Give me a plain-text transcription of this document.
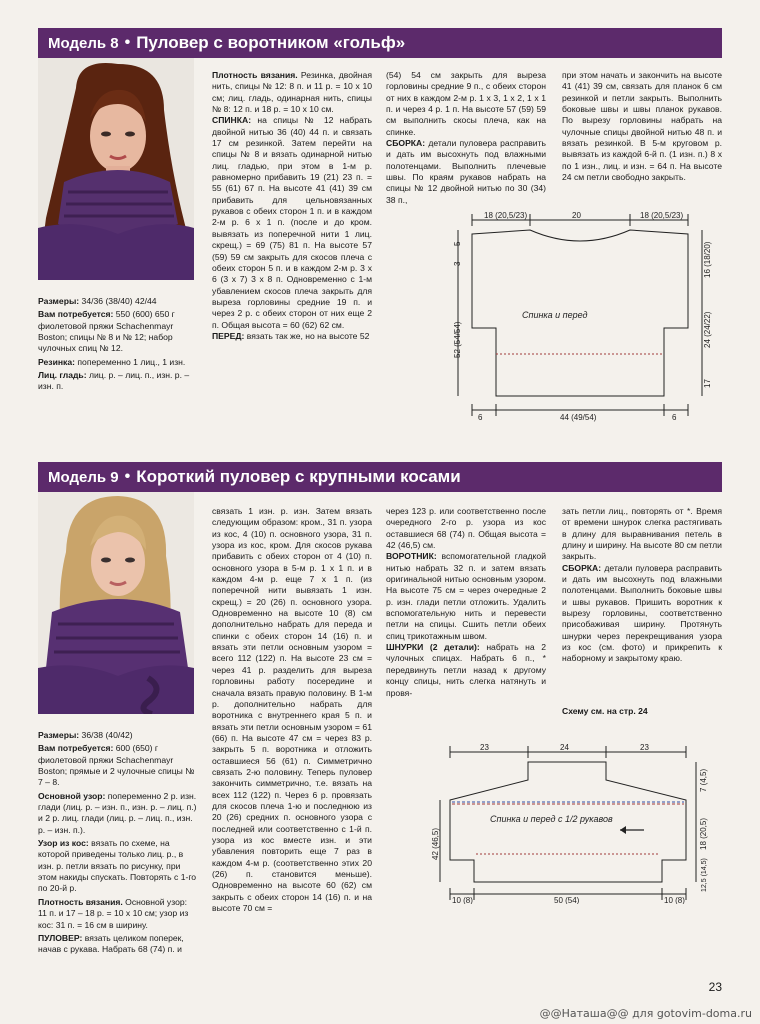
Модель 8 • Пуловер с воротником «гольф»

Размеры: 34/36 (38/40) 42/44

Вам потребуется: 550 (600) 650 г фиолетовой пряжи Schachenmayr Boston; спицы № 8 и № 12; набор чулочных спиц № 12.

Резинка: попеременно 1 лиц., 1 изн.

Лиц. гладь: лиц. р. – лиц. п., изн. р. – изн. п.

Плотность вязания. Резинка, двойная нить, спицы № 12: 8 п. и 11 р. = 10 х 10 см; лиц. гладь, одинарная нить, спицы № 8: 12 п. и 18 р. = 10 х 10 см.

СПИНКА: на спицы № 12 набрать двойной нитью 36 (40) 44 п. и связать 17 см резинкой. Затем перейти на спицы № 8 и вязать одинарной нитью лиц. гладью, при этом в 1-м р. равномерно прибавить 19 (21) 23 п. = 55 (61) 67 п. На высоте 41 (41) 39 см прибавить для цельновязанных рукавов с обеих сторон 1 п. и в каждом 2-м р. 6 х 1 п. (после и до кром. вывязать из поперечной нити 1 лиц. скрещ.) = 69 (75) 81 п. На высоте 57 (59) 59 см закрыть для скосов плеча с обеих сторон 5 п. и в каждом 2-м р. 3 х 6 (3 х 7) 3 х 8 п. Одновременно с 1-м убавлением скосов плеча закрыть для выреза горловины средние 19 п. и через 2 р. с обеих сторон от них еще 2 п. Общая высота = 60 (62) 62 см.

ПЕРЕД: вязать так же, но на высоте 52

(54) 54 см закрыть для выреза горловины средние 9 п., с обеих сторон от них в каждом 2-м р. 1 х 3, 1 х 2, 1 х 1 п. и через 4 р. 1 п. На высоте 57 (59) 59 см выполнить скосы плеча, как на спинке.

СБОРКА: детали пуловера расправить и дать им высохнуть под влажными полотенцами. Выполнить плечевые швы. По краям рукавов набрать на спицы № 12 двойной нитью по 30 (34) 38 п.,

при этом начать и закончить на высоте 41 (41) 39 см, связать для планок 6 см резинкой и петли закрыть. Выполнить боковые швы и швы планок рукавов. По вырезу горловины набрать на чулочные спицы двойной нитью 48 п. и вязать резинкой. В 5-м круговом р. вывязать из каждой 6-й п. (1 изн. п.) 8 х по 1 изн., лиц. и изн. = 64 п. На высоте 24 см петли свободно закрыть.

18 (20,5/23)	20	18 (20,5/23)
5
3
52 (54/54)
16 (18/20)
24 (24/22)
17
Спинка и перед
6	44 (49/54)	6
Модель 9 • Короткий пуловер с крупными косами

Размеры: 36/38 (40/42)

Вам потребуется: 600 (650) г фиолетовой пряжи Schachenmayr Boston; прямые и 2 чулочные спицы № 7 – 8.

Основной узор: попеременно 2 р. изн. глади (лиц. р. – изн. п., изн. р. – лиц. п.) и 2 р. лиц. глади (лиц. р. – лиц. п., изн. р. – изн. п.).

Узор из кос: вязать по схеме, на которой приведены только лиц. р., в изн. р. петли вязать по рисунку, при этом накиды спускать. Повторять с 1-го по 20-й р.

Плотность вязания. Основной узор: 11 п. и 17 – 18 р. = 10 х 10 см; узор из кос: 31 п. = 16 см в ширину.

ПУЛОВЕР: вязать целиком поперек, начав с рукава. Набрать 68 (74) п. и

связать 1 изн. р. изн. Затем вязать следующим образом: кром., 31 п. узора из кос, 4 (10) п. основного узора, 31 п. узора из кос, кром. Для скосов рукава прибавить с обеих сторон от 4 (10) п. основного узора в 5-м р. 1 х 1 п. и в каждом 4-м р. еще 7 х 1 п. (из поперечной нити вывязать 1 изн. скрещ.) = 20 (26) п. основного узора. Одновременно на высоте 10 (8) см дополнительно набрать для переда и спинки с обеих сторон 14 (16) п. и вязать эти петли основным узором = всего 112 (122) п. На высоте 23 см = через 41 р. разделить для выреза горловины работу посередине и сначала вязать правую половину. В 1-м р. дополнительно набрать для воротника с внутреннего края 5 п. и вязать эти петли основным узором = 61 (66) п. На высоте 47 см = через 83 р. закрыть 5 п. воротника и отложить оставшиеся 56 (61) п. Симметрично связать 2-ю половину. Теперь пуловер закончить симметрично, т.е. вязать на всех 112 (122) п. Через 6 р. провязать для скосов плеча 1-ю и последнюю из 20 (26) средних п. основного узора с последней или соответственно с 1-й п. узора из кос вместе изн. и эти убавления повторить еще 7 раз в каждом 4-м р. (соответственно этих 20 (26) п. становится меньше). Одновременно на высоте 60 (62) см закрыть с обеих сторон 14 (16) п. и на высоте 70 см =

через 123 р. или соответственно после очередного 2-го р. узора из кос оставшиеся 68 (74) п. Общая высота = 42 (46,5) см.

ВОРОТНИК: вспомогательной гладкой нитью набрать 32 п. и затем вязать оригинальной нитью основным узором. На высоте 75 см = через очередные 2 р. изн. глади петли отложить. Удалить вспомогательную нить и перевести петли на спицы. Сшить петли обеих спиц трикотажным швом.

ШНУРКИ (2 детали): набрать на 2 чулочных спицах. Набрать 6 п., * передвинуть петли назад к другому концу спицы, нить слегка натянуть и провя-

зать петли лиц., повторять от *. Время от времени шнурок слегка растягивать в длину для выравнивания петель в длину и ширину. На высоте 80 см петли закрыть.

СБОРКА: детали пуловера расправить и дать им высохнуть под влажными полотенцами. Выполнить боковые швы и швы рукавов. Пришить воротник к вырезу горловины, соответственно присобаживая ширину. Протянуть шнурки через перекрещивания узора из кос (см. фото) и прикрепить к наборному и закрытому краю.

Схему см. на стр. 24
23	24	23
42 (46,5)
7 (4,5)
18 (20,5)
12,5 (14,5)
Спинка и перед с 1/2 рукавов
10 (8)	50 (54)	10 (8)
23
@@Наташа@@ для gotovim-doma.ru
